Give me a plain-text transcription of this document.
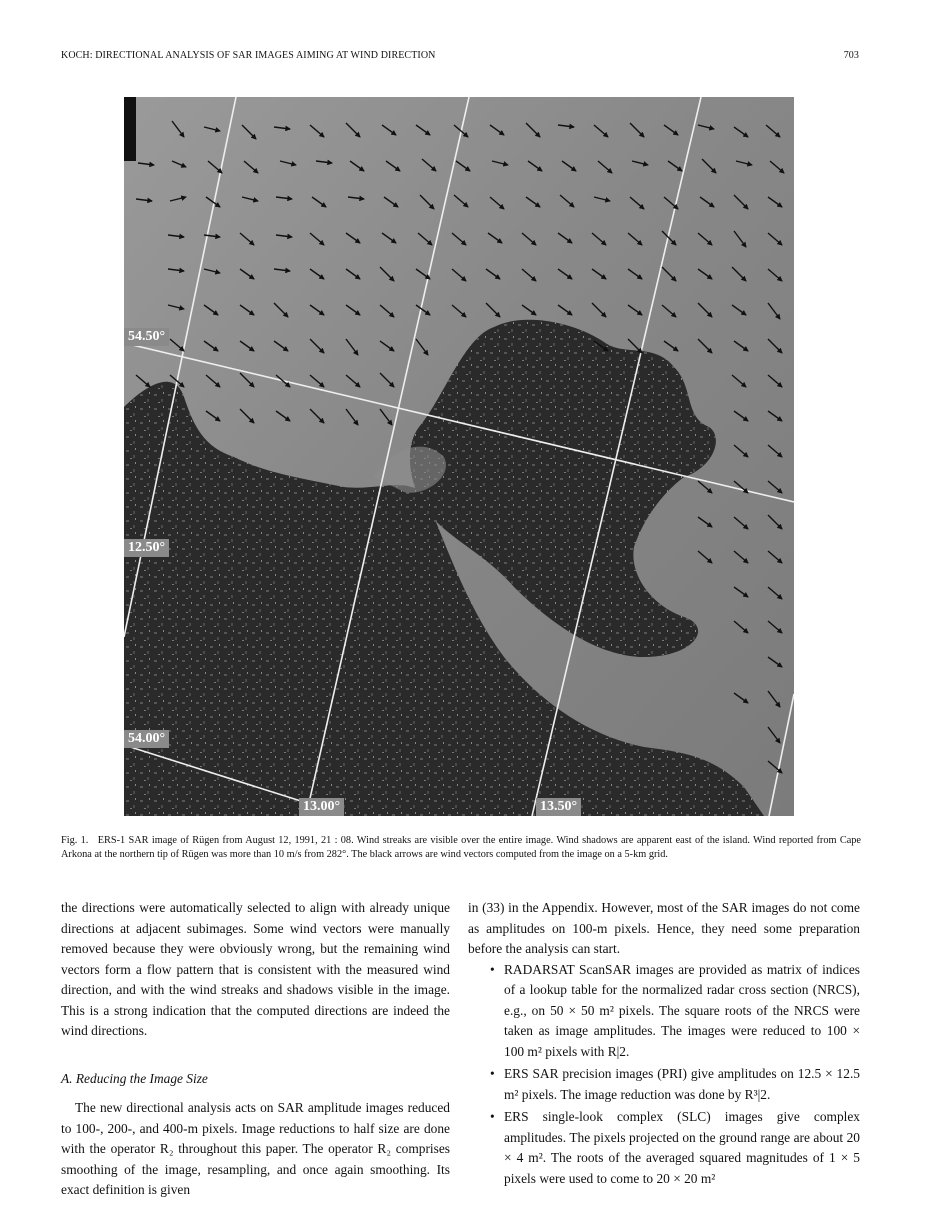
KOCH: DIRECTIONAL ANALYSIS OF SAR IMAGES AIMING AT WIND DIRECTION	703
54.50°
12.50°
54.00°
13.00°	13.50°
Fig. 1. ERS-1 SAR image of Rügen from August 12, 1991, 21 : 08. Wind streaks are visible over the entire image. Wind shadows are apparent east of the island. Wind reported from Cape Arkona at the northern tip of Rügen was more than 10 m/s from 282°. The black arrows are wind vectors computed from the image on a 5-km grid.

the directions were automatically selected to align with already unique directions at adjacent subimages. Some wind vectors were manually removed because they were obviously wrong, but the remaining wind vectors form a flow pattern that is consistent with the measured wind direction, and with the wind streaks and shadows visible in the image. This is a strong indication that the computed directions are indeed the wind directions.

A. Reducing the Image Size

The new directional analysis acts on SAR amplitude images reduced to 100-, 200-, and 400-m pixels. Image reductions to half size are done with the operator R₂ throughout this paper. The operator R₂ comprises smoothing of the image, resampling, and once again smoothing. Its exact definition is given

in (33) in the Appendix. However, most of the SAR images do not come as amplitudes on 100-m pixels. Hence, they need some preparation before the analysis can start.

• RADARSAT ScanSAR images are provided as matrix of indices of a lookup table for the normalized radar cross section (NRCS), e.g., on 50 × 50 m² pixels. The square roots of the NRCS were taken as image amplitudes. The images were reduced to 100 × 100 m² pixels with R|2.
• ERS SAR precision images (PRI) give amplitudes on 12.5 × 12.5 m² pixels. The image reduction was done by R³|2.
• ERS single-look complex (SLC) images give complex amplitudes. The pixels projected on the ground range are about 20 × 4 m². The roots of the averaged squared magnitudes of 1 × 5 pixels were used to come to 20 × 20 m²
